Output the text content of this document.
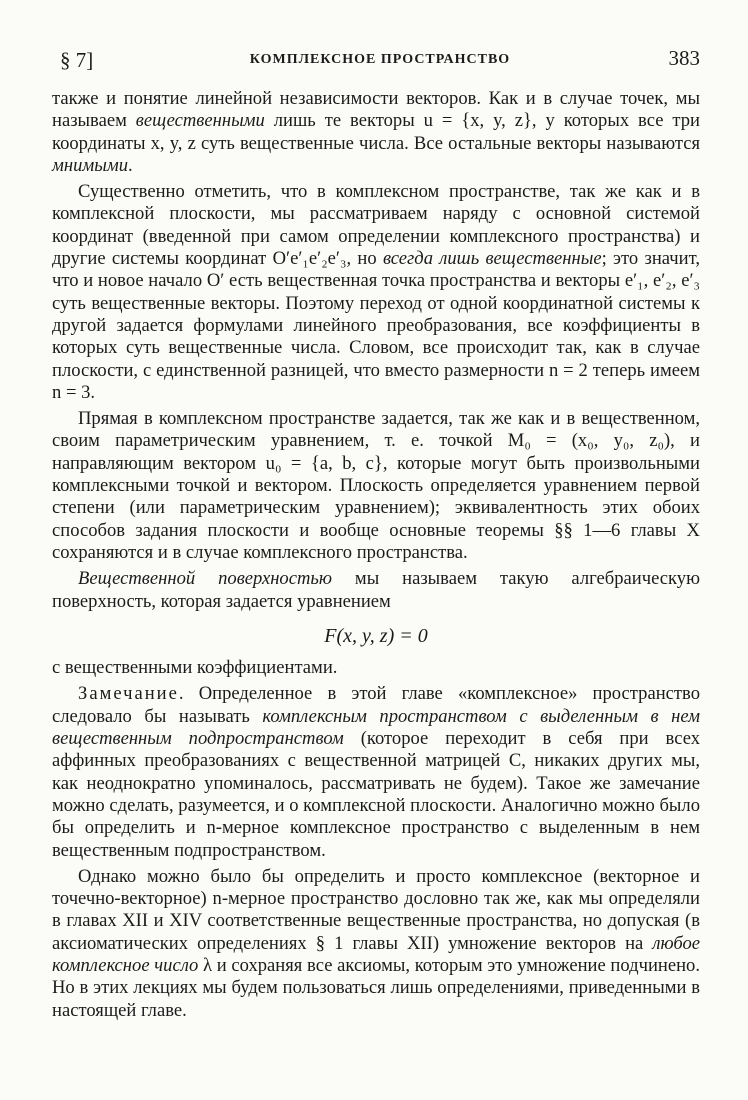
§ 7]	КОМПЛЕКСНОЕ ПРОСТРАНСТВО	383

также и понятие линейной независимости векторов. Как и в случае точек, мы называем вещественными лишь те векторы u = {x, y, z}, у которых все три координаты x, y, z суть вещественные числа. Все остальные векторы называются мнимыми.

Существенно отметить, что в комплексном пространстве, так же как и в комплексной плоскости, мы рассматриваем наряду с основной системой координат (введенной при самом определении комплексного пространства) и другие системы координат O′e′₁e′₂e′₃, но всегда лишь вещественные; это значит, что и новое начало O′ есть вещественная точка пространства и векторы e′₁, e′₂, e′₃ суть вещественные векторы. Поэтому переход от одной координатной системы к другой задается формулами линейного преобразования, все коэффициенты в которых суть вещественные числа. Словом, все происходит так, как в случае плоскости, с единственной разницей, что вместо размерности n = 2 теперь имеем n = 3.

Прямая в комплексном пространстве задается, так же как и в вещественном, своим параметрическим уравнением, т. е. точкой M₀ = (x₀, y₀, z₀), и направляющим вектором u₀ = {a, b, c}, которые могут быть произвольными комплексными точкой и вектором. Плоскость определяется уравнением первой степени (или параметрическим уравнением); эквивалентность этих обоих способов задания плоскости и вообще основные теоремы §§ 1—6 главы X сохраняются и в случае комплексного пространства.

Вещественной поверхностью мы называем такую алгебраическую поверхность, которая задается уравнением

F(x, y, z) = 0

с вещественными коэффициентами.

Замечание. Определенное в этой главе «комплексное» пространство следовало бы называть комплексным пространством с выделенным в нем вещественным подпространством (которое переходит в себя при всех аффинных преобразованиях с вещественной матрицей C, никаких других мы, как неоднократно упоминалось, рассматривать не будем). Такое же замечание можно сделать, разумеется, и о комплексной плоскости. Аналогично можно было бы определить и n-мерное комплексное пространство с выделенным в нем вещественным подпространством.

Однако можно было бы определить и просто комплексное (векторное и точечно-векторное) n-мерное пространство дословно так же, как мы определяли в главах XII и XIV соответственные вещественные пространства, но допуская (в аксиоматических определениях § 1 главы XII) умножение векторов на любое комплексное число λ и сохраняя все аксиомы, которым это умножение подчинено. Но в этих лекциях мы будем пользоваться лишь определениями, приведенными в настоящей главе.
